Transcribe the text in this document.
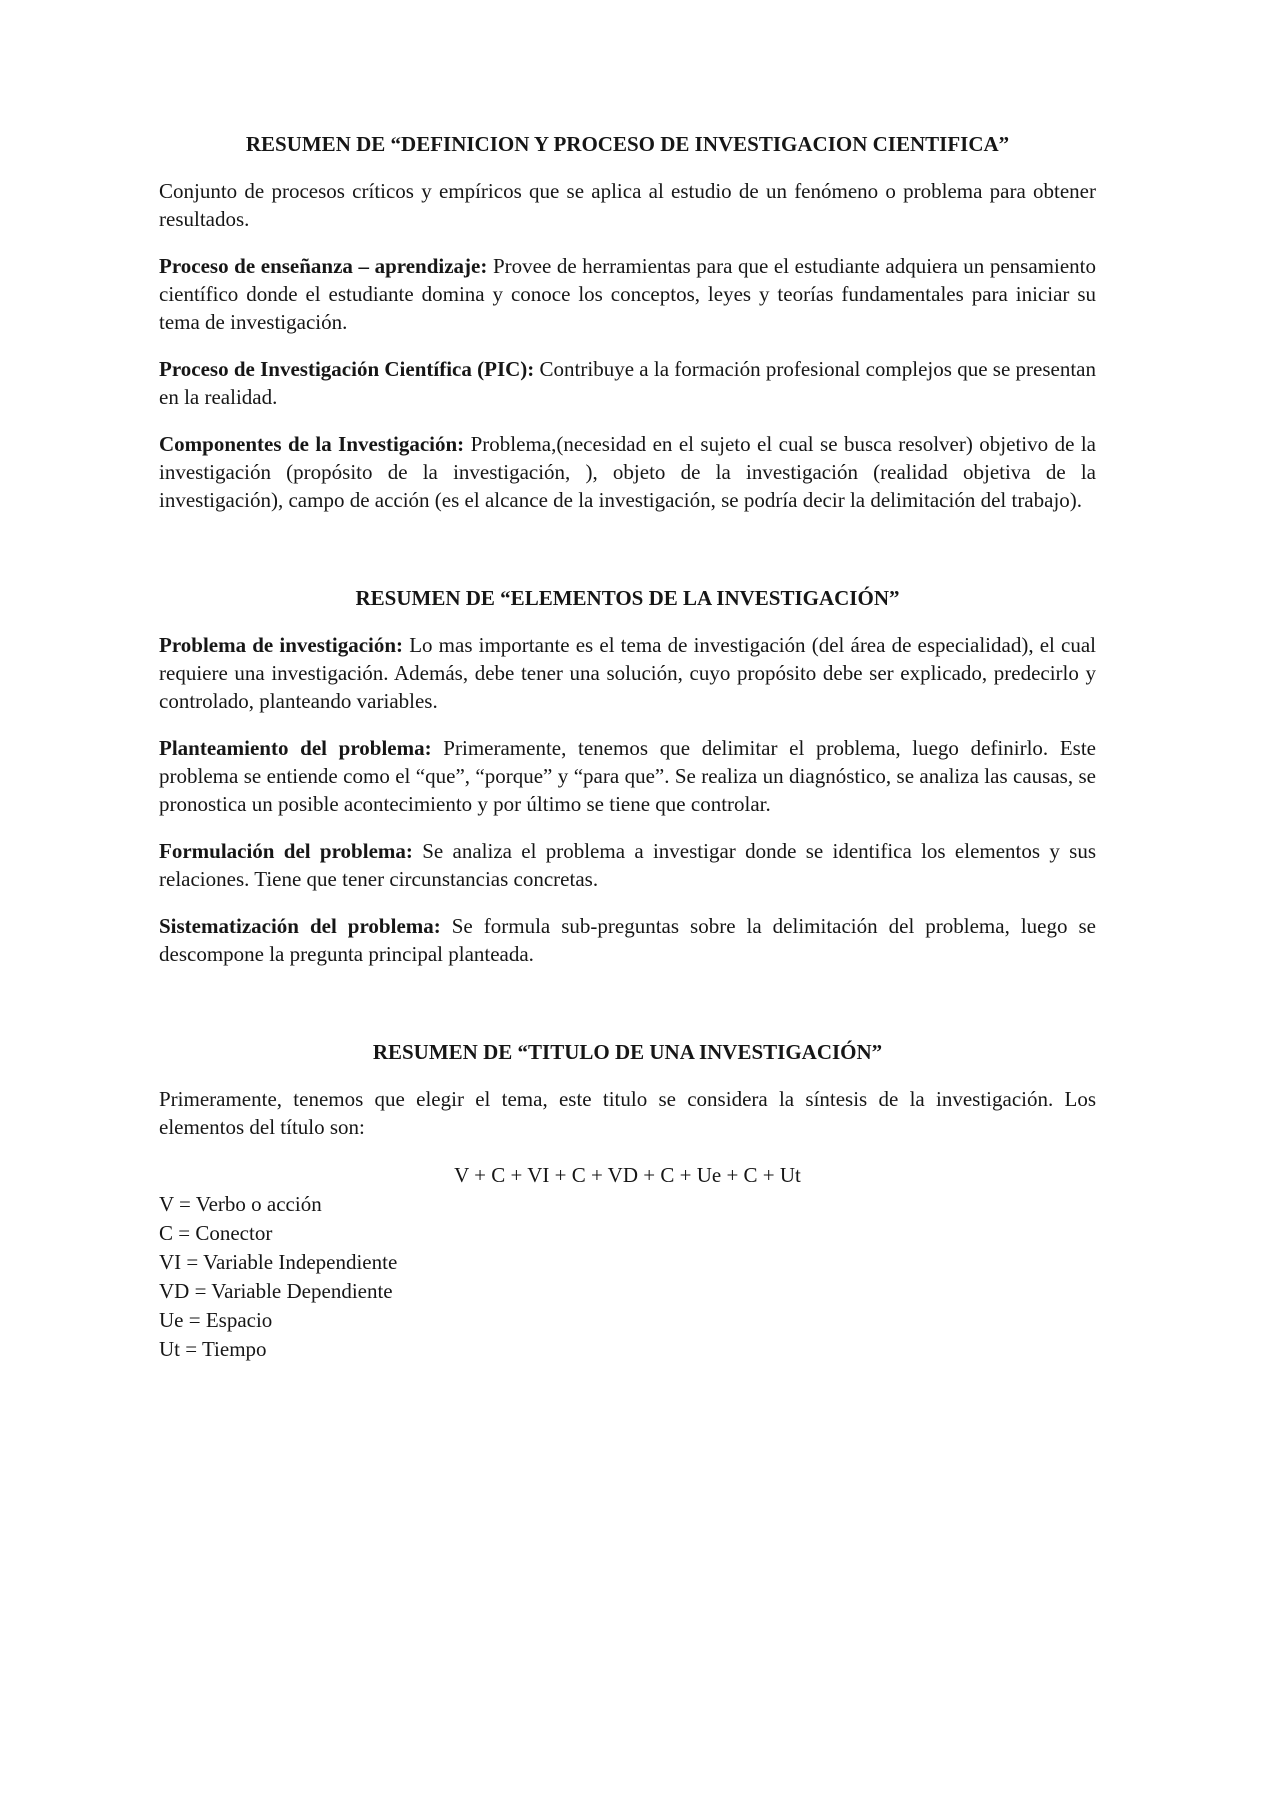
RESUMEN DE “DEFINICION Y PROCESO DE INVESTIGACION CIENTIFICA”

Conjunto de procesos críticos y empíricos que se aplica al estudio de un fenómeno o problema para obtener resultados.

Proceso de enseñanza – aprendizaje: Provee de herramientas para que el estudiante adquiera un pensamiento científico donde el estudiante domina y conoce los conceptos, leyes y teorías fundamentales para iniciar su tema de investigación.

Proceso de Investigación Científica (PIC): Contribuye a la formación profesional complejos que se presentan en la realidad.

Componentes de la Investigación: Problema,(necesidad en el sujeto el cual se busca resolver) objetivo de la investigación (propósito de la investigación, ), objeto de la investigación (realidad objetiva de la investigación), campo de acción (es el alcance de la investigación, se podría decir la delimitación del trabajo).

RESUMEN DE “ELEMENTOS DE LA INVESTIGACIÓN”

Problema de investigación: Lo mas importante es el tema de investigación (del área de especialidad), el cual requiere una investigación. Además, debe tener una solución, cuyo propósito debe ser explicado, predecirlo y controlado, planteando variables.

Planteamiento del problema: Primeramente, tenemos que delimitar el problema, luego definirlo. Este problema se entiende como el “que”, “porque” y “para que”. Se realiza un diagnóstico, se analiza las causas, se pronostica un posible acontecimiento y por último se tiene que controlar.

Formulación del problema: Se analiza el problema a investigar donde se identifica los elementos y sus relaciones. Tiene que tener circunstancias concretas.

Sistematización del problema: Se formula sub-preguntas sobre la delimitación del problema, luego se descompone la pregunta principal planteada.

RESUMEN DE “TITULO DE UNA INVESTIGACIÓN”

Primeramente, tenemos que elegir el tema, este titulo se considera la síntesis de la investigación. Los elementos del título son:

V + C + VI + C + VD + C + Ue + C + Ut
V = Verbo o acción
C = Conector
VI = Variable Independiente
VD = Variable Dependiente
Ue = Espacio
Ut = Tiempo
